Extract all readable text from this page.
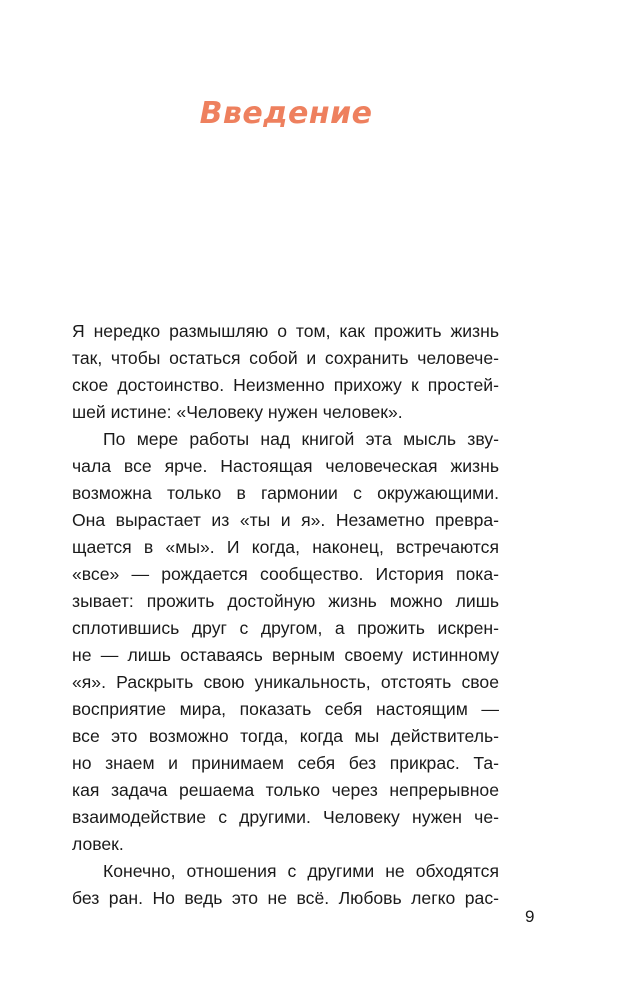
Введение

Я нередко размышляю о том, как прожить жизнь
так, чтобы остаться собой и сохранить человече-
ское достоинство. Неизменно прихожу к простей-
шей истине: «Человеку нужен человек».

По мере работы над книгой эта мысль зву-
чала все ярче. Настоящая человеческая жизнь
возможна только в гармонии с окружающими.
Она вырастает из «ты и я». Незаметно превра-
щается в «мы». И когда, наконец, встречаются
«все» — рождается сообщество. История пока-
зывает: прожить достойную жизнь можно лишь
сплотившись друг с другом, а прожить искрен-
не — лишь оставаясь верным своему истинному
«я». Раскрыть свою уникальность, отстоять свое
восприятие мира, показать себя настоящим —
все это возможно тогда, когда мы действитель-
но знаем и принимаем себя без прикрас. Та-
кая задача решаема только через непрерывное
взаимодействие с другими. Человеку нужен че-
ловек.

Конечно, отношения с другими не обходятся
без ран. Но ведь это не всё. Любовь легко рас-

9
